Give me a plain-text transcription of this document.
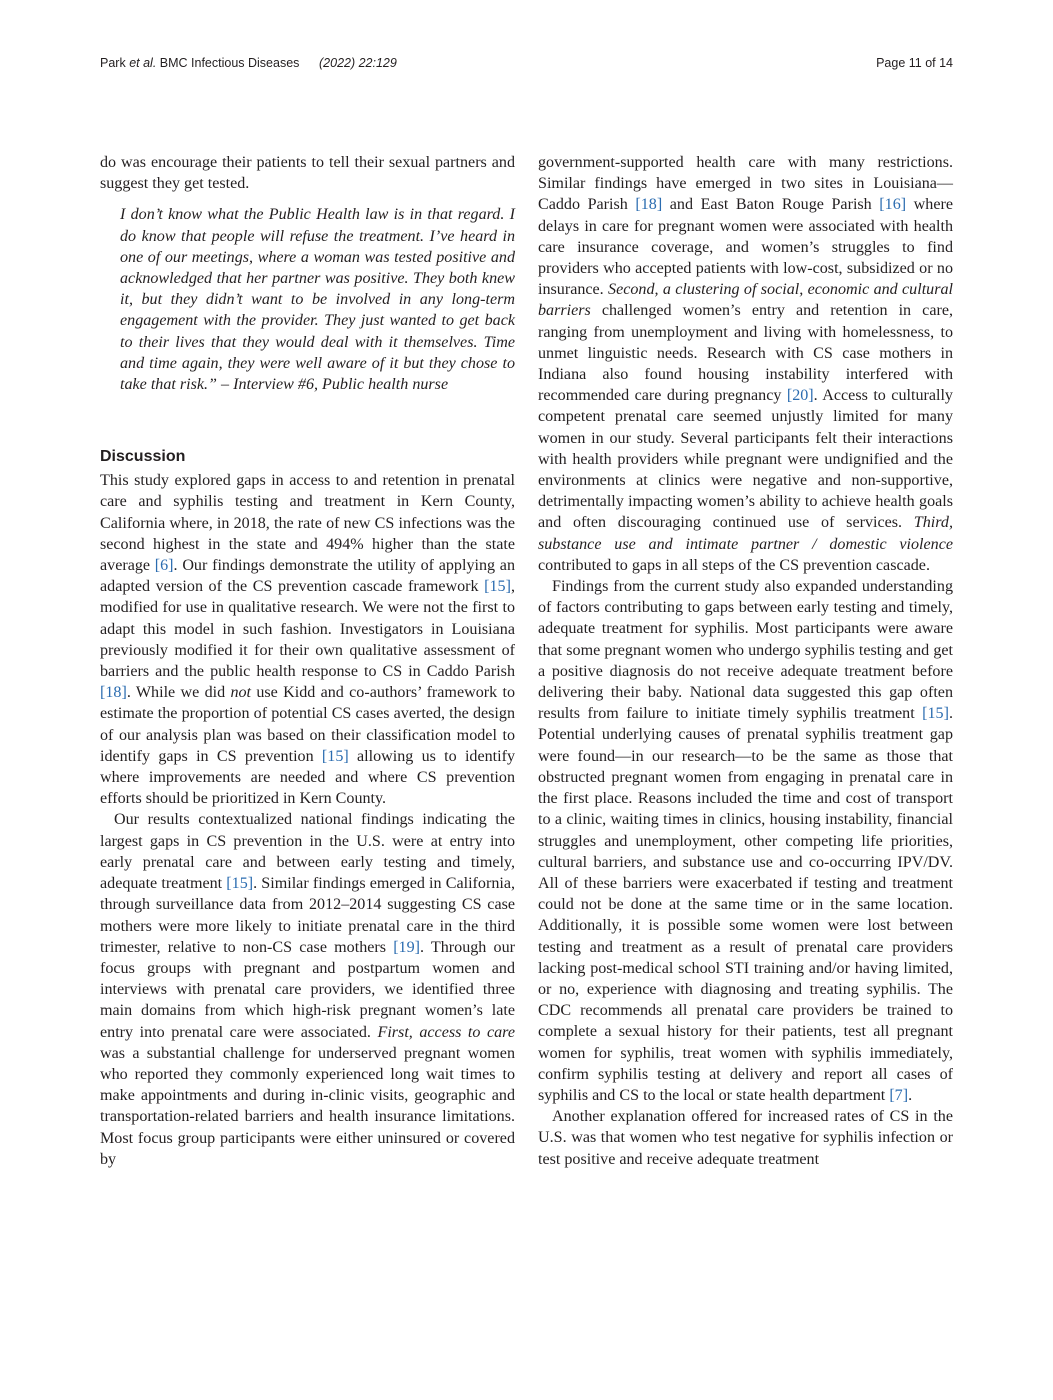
Park et al. BMC Infectious Diseases (2022) 22:129	Page 11 of 14

do was encourage their patients to tell their sexual partners and suggest they get tested.

I don’t know what the Public Health law is in that regard. I do know that people will refuse the treatment. I’ve heard in one of our meetings, where a woman was tested positive and acknowledged that her partner was positive. They both knew it, but they didn’t want to be involved in any long-term engagement with the provider. They just wanted to get back to their lives that they would deal with it themselves. Time and time again, they were well aware of it but they chose to take that risk.” – Interview #6, Public health nurse

Discussion

This study explored gaps in access to and retention in prenatal care and syphilis testing and treatment in Kern County, California where, in 2018, the rate of new CS infections was the second highest in the state and 494% higher than the state average [6]. Our findings demonstrate the utility of applying an adapted version of the CS prevention cascade framework [15], modified for use in qualitative research. We were not the first to adapt this model in such fashion. Investigators in Louisiana previously modified it for their own qualitative assessment of barriers and the public health response to CS in Caddo Parish [18]. While we did not use Kidd and co-authors’ framework to estimate the proportion of potential CS cases averted, the design of our analysis plan was based on their classification model to identify gaps in CS prevention [15] allowing us to identify where improvements are needed and where CS prevention efforts should be prioritized in Kern County.

Our results contextualized national findings indicating the largest gaps in CS prevention in the U.S. were at entry into early prenatal care and between early testing and timely, adequate treatment [15]. Similar findings emerged in California, through surveillance data from 2012–2014 suggesting CS case mothers were more likely to initiate prenatal care in the third trimester, relative to non-CS case mothers [19]. Through our focus groups with pregnant and postpartum women and interviews with prenatal care providers, we identified three main domains from which high-risk pregnant women’s late entry into prenatal care were associated. First, access to care was a substantial challenge for underserved pregnant women who reported they commonly experienced long wait times to make appointments and during in-clinic visits, geographic and transportation-related barriers and health insurance limitations. Most focus group participants were either uninsured or covered by

government-supported health care with many restrictions. Similar findings have emerged in two sites in Louisiana—Caddo Parish [18] and East Baton Rouge Parish [16] where delays in care for pregnant women were associated with health care insurance coverage, and women’s struggles to find providers who accepted patients with low-cost, subsidized or no insurance. Second, a clustering of social, economic and cultural barriers challenged women’s entry and retention in care, ranging from unemployment and living with homelessness, to unmet linguistic needs. Research with CS case mothers in Indiana also found housing instability interfered with recommended care during pregnancy [20]. Access to culturally competent prenatal care seemed unjustly limited for many women in our study. Several participants felt their interactions with health providers while pregnant were undignified and the environments at clinics were negative and non-supportive, detrimentally impacting women’s ability to achieve health goals and often discouraging continued use of services. Third, substance use and intimate partner / domestic violence contributed to gaps in all steps of the CS prevention cascade.

Findings from the current study also expanded understanding of factors contributing to gaps between early testing and timely, adequate treatment for syphilis. Most participants were aware that some pregnant women who undergo syphilis testing and get a positive diagnosis do not receive adequate treatment before delivering their baby. National data suggested this gap often results from failure to initiate timely syphilis treatment [15]. Potential underlying causes of prenatal syphilis treatment gap were found—in our research—to be the same as those that obstructed pregnant women from engaging in prenatal care in the first place. Reasons included the time and cost of transport to a clinic, waiting times in clinics, housing instability, financial struggles and unemployment, other competing life priorities, cultural barriers, and substance use and co-occurring IPV/DV. All of these barriers were exacerbated if testing and treatment could not be done at the same time or in the same location. Additionally, it is possible some women were lost between testing and treatment as a result of prenatal care providers lacking post-medical school STI training and/or having limited, or no, experience with diagnosing and treating syphilis. The CDC recommends all prenatal care providers be trained to complete a sexual history for their patients, test all pregnant women for syphilis, treat women with syphilis immediately, confirm syphilis testing at delivery and report all cases of syphilis and CS to the local or state health department [7].

Another explanation offered for increased rates of CS in the U.S. was that women who test negative for syphilis infection or test positive and receive adequate treatment
